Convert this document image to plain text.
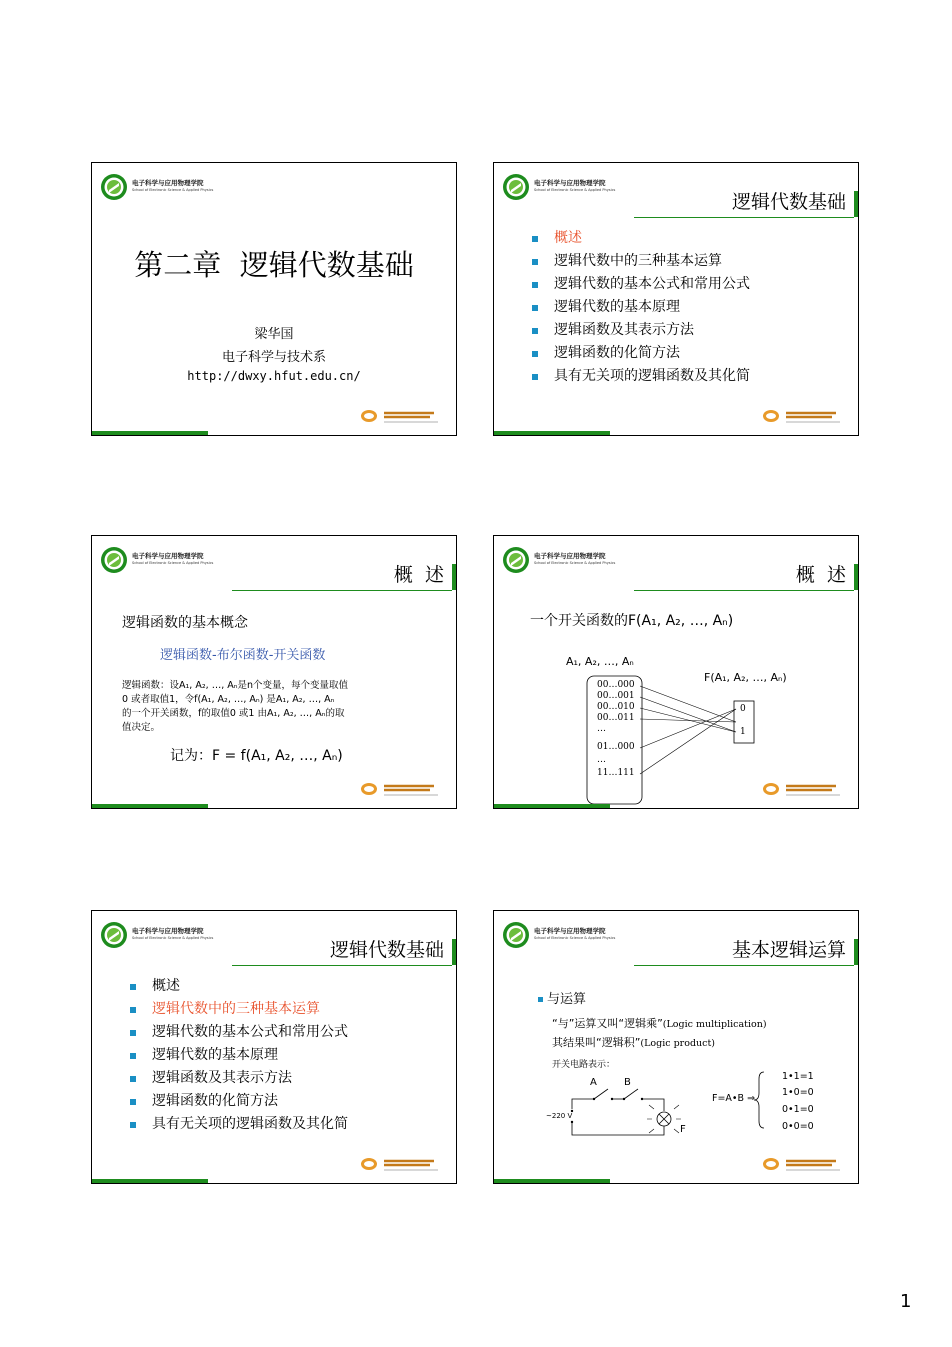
电子科学与应用物理学院
School of Electronic Science & Applied Physics
第二章  逻辑代数基础
梁华国
电子科学与技术系
http://dwxy.hfut.edu.cn/
电子科学与应用物理学院
School of Electronic Science & Applied Physics
逻辑代数基础
概述
逻辑代数中的三种基本运算
逻辑代数的基本公式和常用公式
逻辑代数的基本原理
逻辑函数及其表示方法
逻辑函数的化简方法
具有无关项的逻辑函数及其化简
电子科学与应用物理学院
School of Electronic Science & Applied Physics
概  述
逻辑函数的基本概念
逻辑函数-布尔函数-开关函数
逻辑函数：设A₁, A₂, …, Aₙ是n个变量，每个变量取值
0 或者取值1，令f(A₁, A₂, …, Aₙ) 是A₁, A₂, …, Aₙ
的一个开关函数，f的取值0 或1 由A₁, A₂, …, Aₙ的取
值决定。
记为：F = f(A₁, A₂, …, Aₙ)
电子科学与应用物理学院
School of Electronic Science & Applied Physics
概  述
一个开关函数的F(A₁, A₂, …, Aₙ)
A₁, A₂, …, Aₙ
F(A₁, A₂, …, Aₙ)
00…000
00…001
00…010
00…011
…
01…000
…
11…111
0
1
电子科学与应用物理学院
School of Electronic Science & Applied Physics
逻辑代数基础
概述
逻辑代数中的三种基本运算
逻辑代数的基本公式和常用公式
逻辑代数的基本原理
逻辑函数及其表示方法
逻辑函数的化简方法
具有无关项的逻辑函数及其化简
电子科学与应用物理学院
School of Electronic Science & Applied Physics
基本逻辑运算
与运算
“与”运算又叫“逻辑乘”(Logic multiplication)
其结果叫“逻辑积”(Logic product)
开关电路表示：
A	B
~220 V
F
F=A•B ⇒
1•1=1
1•0=0
0•1=0
0•0=0
1
